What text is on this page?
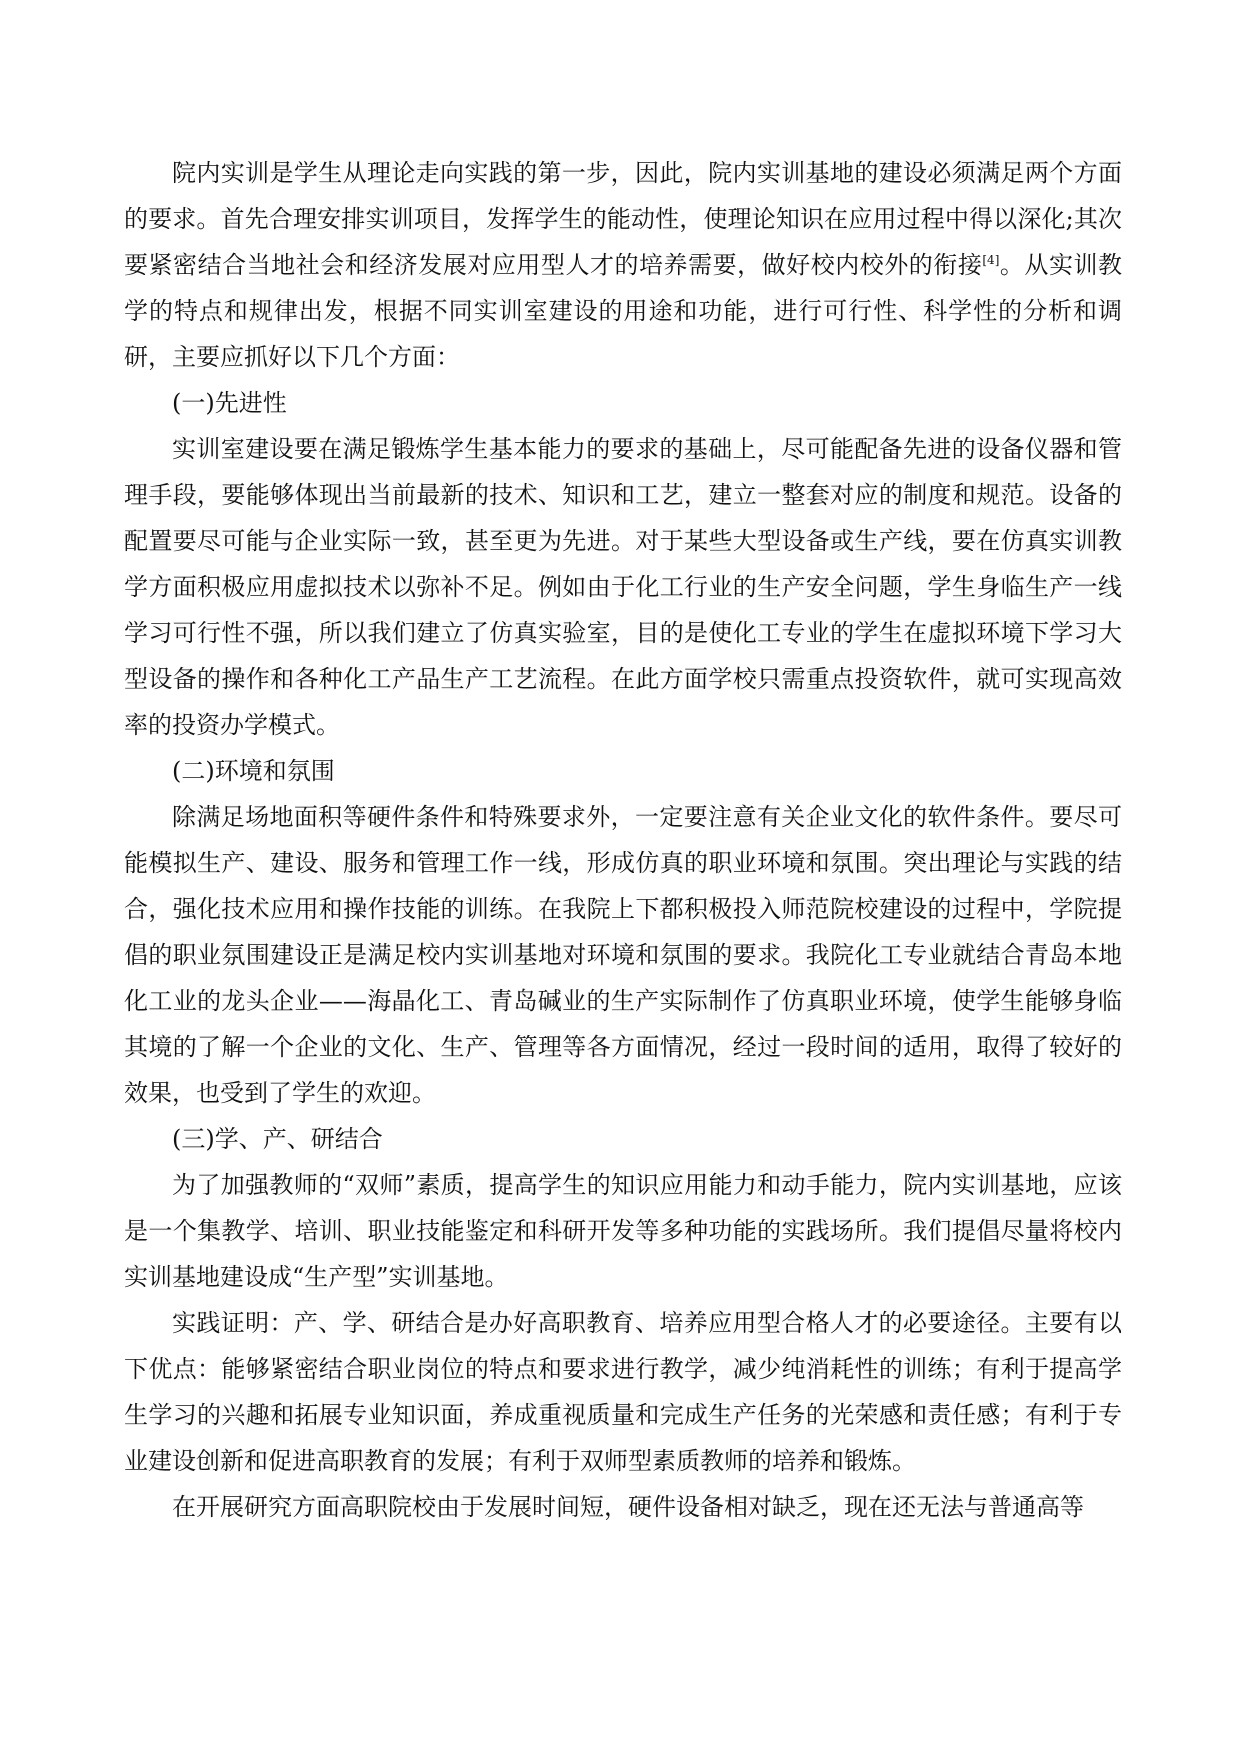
院内实训是学生从理论走向实践的第一步，因此，院内实训基地的建设必须满足两个方面的要求。首先合理安排实训项目，发挥学生的能动性，使理论知识在应用过程中得以深化;其次要紧密结合当地社会和经济发展对应用型人才的培养需要，做好校内校外的衔接[4]。从实训教学的特点和规律出发，根据不同实训室建设的用途和功能，进行可行性、科学性的分析和调研，主要应抓好以下几个方面：

(一)先进性

实训室建设要在满足锻炼学生基本能力的要求的基础上，尽可能配备先进的设备仪器和管理手段，要能够体现出当前最新的技术、知识和工艺，建立一整套对应的制度和规范。设备的配置要尽可能与企业实际一致，甚至更为先进。对于某些大型设备或生产线，要在仿真实训教学方面积极应用虚拟技术以弥补不足。例如由于化工行业的生产安全问题，学生身临生产一线学习可行性不强，所以我们建立了仿真实验室，目的是使化工专业的学生在虚拟环境下学习大型设备的操作和各种化工产品生产工艺流程。在此方面学校只需重点投资软件，就可实现高效率的投资办学模式。

(二)环境和氛围

除满足场地面积等硬件条件和特殊要求外，一定要注意有关企业文化的软件条件。要尽可能模拟生产、建设、服务和管理工作一线，形成仿真的职业环境和氛围。突出理论与实践的结合，强化技术应用和操作技能的训练。在我院上下都积极投入师范院校建设的过程中，学院提倡的职业氛围建设正是满足校内实训基地对环境和氛围的要求。我院化工专业就结合青岛本地化工业的龙头企业——海晶化工、青岛碱业的生产实际制作了仿真职业环境，使学生能够身临其境的了解一个企业的文化、生产、管理等各方面情况，经过一段时间的适用，取得了较好的效果，也受到了学生的欢迎。

(三)学、产、研结合

为了加强教师的“双师”素质，提高学生的知识应用能力和动手能力，院内实训基地，应该是一个集教学、培训、职业技能鉴定和科研开发等多种功能的实践场所。我们提倡尽量将校内实训基地建设成“生产型”实训基地。

实践证明：产、学、研结合是办好高职教育、培养应用型合格人才的必要途径。主要有以下优点：能够紧密结合职业岗位的特点和要求进行教学，减少纯消耗性的训练；有利于提高学生学习的兴趣和拓展专业知识面，养成重视质量和完成生产任务的光荣感和责任感；有利于专业建设创新和促进高职教育的发展；有利于双师型素质教师的培养和锻炼。

在开展研究方面高职院校由于发展时间短，硬件设备相对缺乏，现在还无法与普通高等
